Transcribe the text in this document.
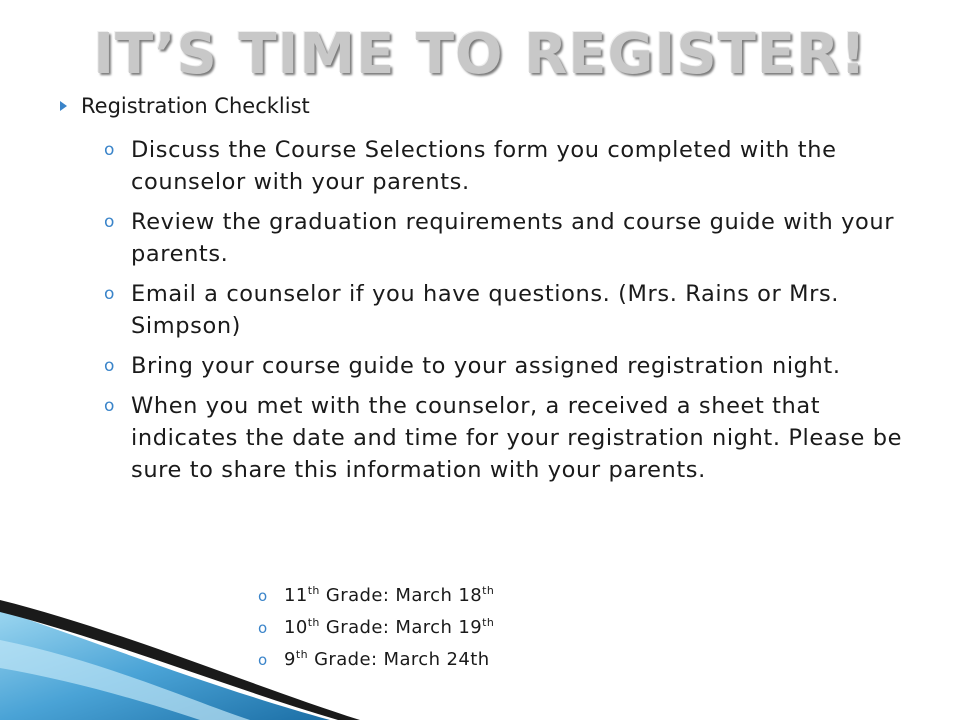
IT’S TIME TO REGISTER!
Registration Checklist
o Discuss the Course Selections form you completed with the counselor with your parents.
o Review the graduation requirements and course guide with your parents.
o Email a counselor if you have questions. (Mrs. Rains or Mrs. Simpson)
o Bring your course guide to your assigned registration night.
o When you met with the counselor, a received a sheet that indicates the date and time for your registration night. Please be sure to share this information with your parents.
o 11th Grade: March 18th
o 10th Grade: March 19th
o 9th Grade: March 24th
